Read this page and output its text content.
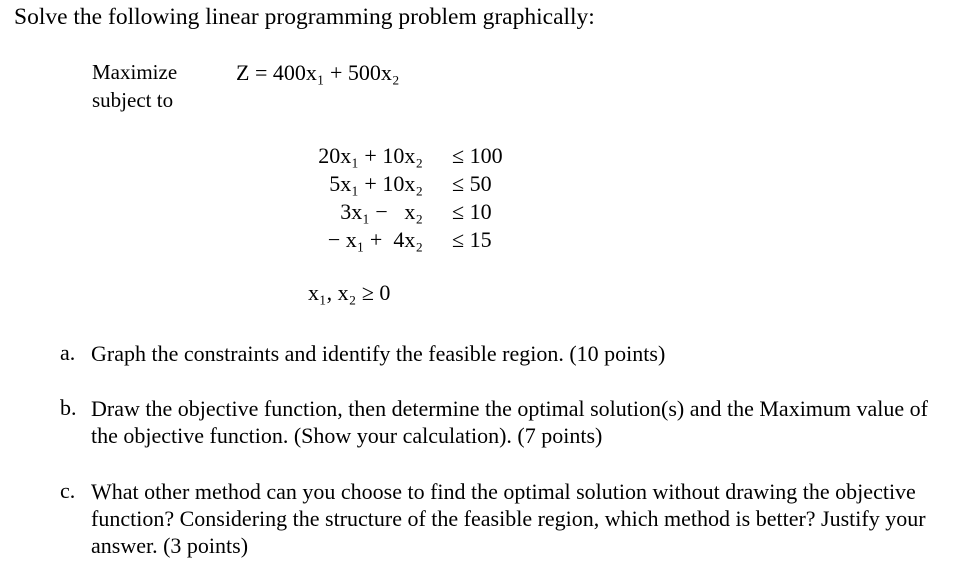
Solve the following linear programming problem graphically:
Maximize	Z = 400x₁ + 500x₂
subject to
20x₁ + 10x₂ ≤ 100
5x₁ + 10x₂ ≤ 50
3x₁ −   x₂ ≤ 10
− x₁ +  4x₂ ≤ 15
x₁, x₂ ≥ 0
a. Graph the constraints and identify the feasible region. (10 points)
b. Draw the objective function, then determine the optimal solution(s) and the Maximum value of the objective function. (Show your calculation). (7 points)
c. What other method can you choose to find the optimal solution without drawing the objective function? Considering the structure of the feasible region, which method is better? Justify your answer. (3 points)
